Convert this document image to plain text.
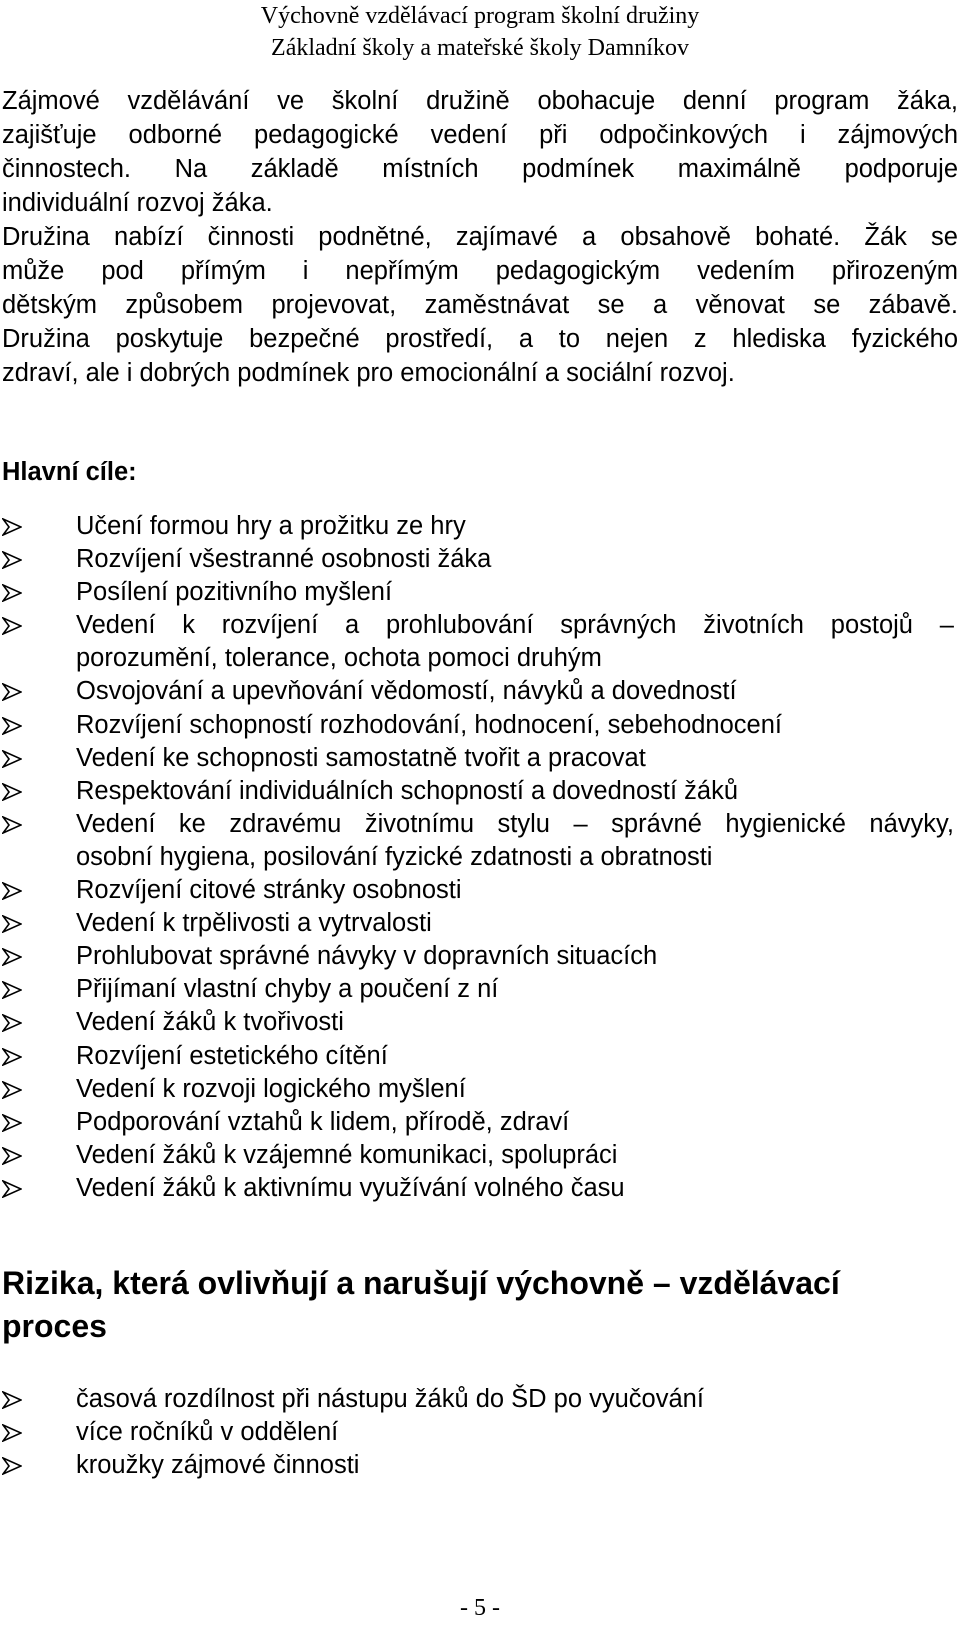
Výchovně vzdělávací program školní družiny
Základní školy a mateřské školy Damníkov

Zájmové vzdělávání ve školní družině obohacuje denní program žáka,
zajišťuje odborné pedagogické vedení při odpočinkových i zájmových
činnostech. Na základě místních podmínek maximálně podporuje
individuální rozvoj žáka.

Družina nabízí činnosti podnětné, zajímavé a obsahově bohaté. Žák se
může pod přímým i nepřímým pedagogickým vedením přirozeným
dětským způsobem projevovat, zaměstnávat se a věnovat se zábavě.
Družina poskytuje bezpečné prostředí, a to nejen z hlediska fyzického
zdraví, ale i dobrých podmínek pro emocionální a sociální rozvoj.

Hlavní cíle:
Učení formou hry a prožitku ze hry
Rozvíjení všestranné osobnosti žáka
Posílení pozitivního myšlení
Vedení k rozvíjení a prohlubování správných životních postojů –
porozumění, tolerance, ochota pomoci druhým
Osvojování a upevňování vědomostí, návyků a dovedností
Rozvíjení schopností rozhodování, hodnocení, sebehodnocení
Vedení ke schopnosti samostatně tvořit a pracovat
Respektování individuálních schopností a dovedností žáků
Vedení ke zdravému životnímu stylu – správné hygienické návyky,
osobní hygiena, posilování fyzické zdatnosti a obratnosti
Rozvíjení citové stránky osobnosti
Vedení k trpělivosti a vytrvalosti
Prohlubovat správné návyky v dopravních situacích
Přijímaní vlastní chyby a poučení z ní
Vedení žáků k tvořivosti
Rozvíjení estetického cítění
Vedení k rozvoji logického myšlení
Podporování vztahů k lidem, přírodě, zdraví
Vedení žáků k vzájemné komunikaci, spolupráci
Vedení žáků k aktivnímu využívání volného času
Rizika, která ovlivňují a narušují výchovně – vzdělávací proces
časová rozdílnost při nástupu žáků do ŠD po vyučování
více ročníků v oddělení
kroužky zájmové činnosti
- 5 -
